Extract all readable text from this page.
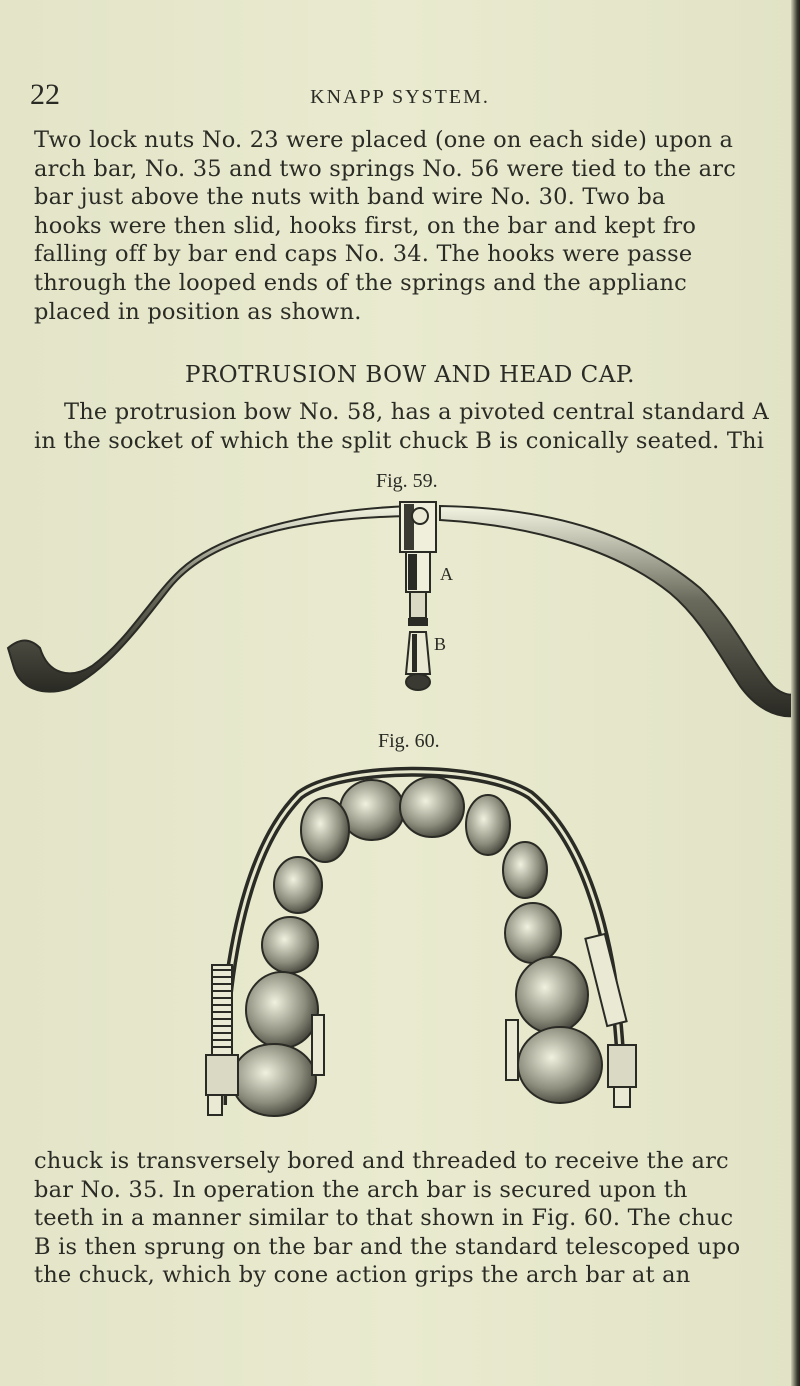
22	KNAPP SYSTEM.
Two lock nuts No. 23 were placed (one on each side) upon a
arch bar, No. 35 and two springs No. 56 were tied to the arc
bar just above the nuts with band wire No. 30. Two ba
hooks were then slid, hooks first, on the bar and kept fro
falling off by bar end caps No. 34. The hooks were passe
through the looped ends of the springs and the applianc
placed in position as shown.
PROTRUSION BOW AND HEAD CAP.
The protrusion bow No. 58, has a pivoted central standard A
in the socket of which the split chuck B is conically seated. Thi
Fig. 59.
A
B
Fig. 60.
chuck is transversely bored and threaded to receive the arc
bar No. 35. In operation the arch bar is secured upon th
teeth in a manner similar to that shown in Fig. 60. The chuc
B is then sprung on the bar and the standard telescoped upo
the chuck, which by cone action grips the arch bar at an
